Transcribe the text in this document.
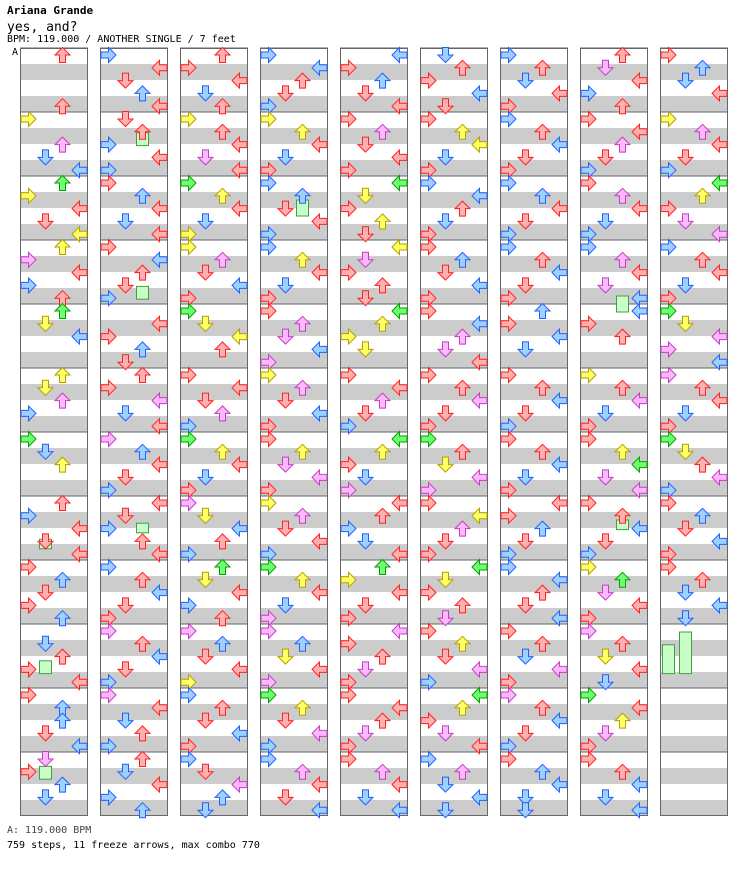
Ariana Grande
yes, and?
BPM: 119.000 / ANOTHER SINGLE / 7 feet
A
A: 119.000 BPM
759 steps, 11 freeze arrows, max combo 770
